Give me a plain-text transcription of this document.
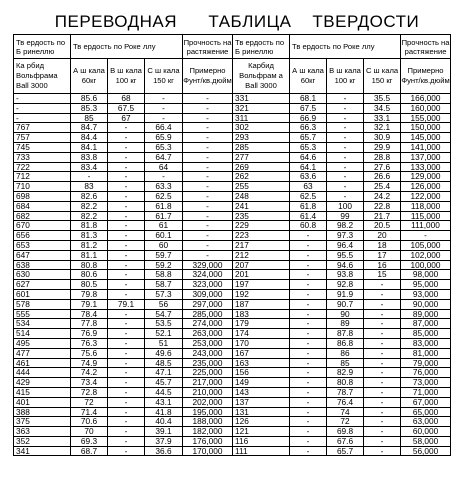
ПЕРЕВОДНАЯ      ТАБЛИЦА    ТВЕРДОСТИ
Тв ердость по Б ринеллю	Тв ердость по Роке ллу			Прочность на растяжение	Тв ердость по Б ринеллю	Тв ердость по Роке ллу			Прочность на растяжение
Ка рбид Вольфрама Ball 3000	А ш кала 60кг	В ш кала 100 кг	С ш кала 150 кг	Примерно Фунт/кв.дюйм	Карбид Вольфрам а Ball 3000	А ш кала 60кг	В ш кала 100 кг	С ш кала 150 кг	Примерно Фунт/кв.дюйм
-	85.6	68	-	-	331	68.1	-	35.5	166,000
-	85.3	67.5	-	-	321	67.5	-	34.5	160,000
-	85	67	-	-	311	66.9	-	33.1	155,000
767	84.7	-	66.4	-	302	66.3	-	32.1	150,000
757	84.4	-	65.9	-	293	65.7	-	30.9	145,000
745	84.1	-	65.3	-	285	65.3	-	29.9	141,000
733	83.8	-	64.7	-	277	64.6	-	28.8	137,000
722	83.4	-	64	-	269	64.1	-	27.6	133,000
712	-	-	-	-	262	63.6	-	26.6	129,000
710	83	-	63.3	-	255	63	-	25.4	126,000
698	82.6	-	62.5	-	248	62.5	-	24.2	122,000
684	82.2	-	61.8	-	241	61.8	100	22.8	118,000
682	82.2	-	61.7	-	235	61.4	99	21.7	115,000
670	81.8	-	61	-	229	60.8	98.2	20.5	111,000
656	81.3	-	60.1	-	223	-	97.3	20	-
653	81.2	-	60	-	217	-	96.4	18	105,000
647	81.1	-	59.7	-	212	-	95.5	17	102,000
638	80.8	-	59.2	329,000	207	-	94.6	16	100,000
630	80.6	-	58.8	324,000	201	-	93.8	15	98,000
627	80.5	-	58.7	323,000	197	-	92.8	-	95,000
601	79.8	-	57.3	309,000	192	-	91.9	-	93,000
578	79.1	79.1	56	297,000	187	-	90.7	-	90,000
555	78.4	-	54.7	285,000	183	-	90	-	89,000
534	77.8	-	53.5	274,000	179	-	89	-	87,000
514	76.9	-	52.1	263,000	174	-	87.8	-	85,000
495	76.3	-	51	253,000	170	-	86.8	-	83,000
477	75.6	-	49.6	243,000	167	-	86	-	81,000
461	74.9	-	48.5	235,000	163	-	85	-	79,000
444	74.2	-	47.1	225,000	156	-	82.9	-	76,000
429	73.4	-	45.7	217,000	149	-	80.8	-	73,000
415	72.8	-	44.5	210,000	143	-	78.7	-	71,000
401	72	-	43.1	202,000	137	-	76.4	-	67,000
388	71.4	-	41.8	195,000	131	-	74	-	65,000
375	70.6	-	40.4	188,000	126	-	72	-	63,000
363	70	-	39.1	182,000	121	-	69.8	-	60,000
352	69.3	-	37.9	176,000	116	-	67.6	-	58,000
341	68.7	-	36.6	170,000	111	-	65.7	-	56,000
